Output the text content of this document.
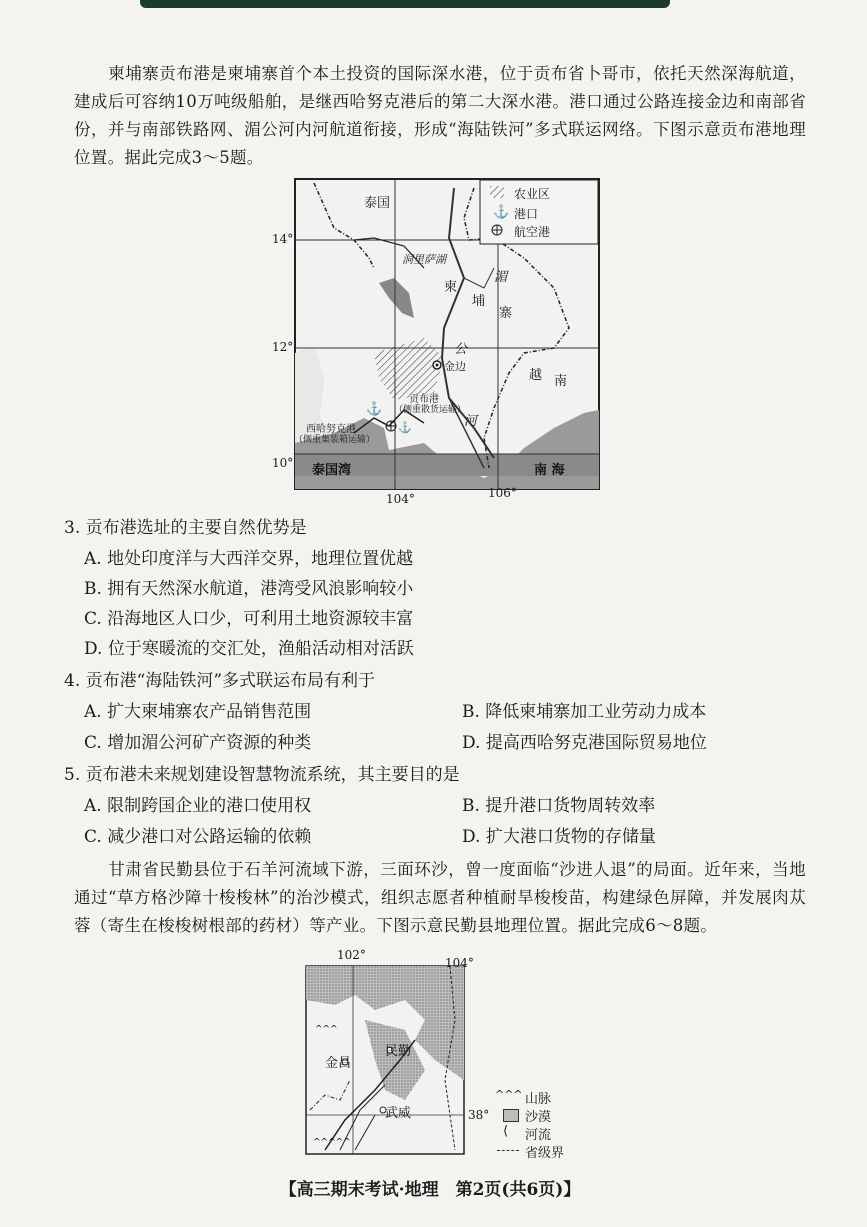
柬埔寨贡布港是柬埔寨首个本土投资的国际深水港，位于贡布省卜哥市，依托天然深海航道，建成后可容纳10万吨级船舶，是继西哈努克港后的第二大深水港。港口通过公路连接金边和南部省份，并与南部铁路网、湄公河内河航道衔接，形成“海陆铁河”多式联运网络。下图示意贡布港地理位置。据此完成3～5题。
⚓
⚓
⚓
农业区
港口
航空港
泰国
洞里萨湖
柬
埔
寨
湄
公
河
金边
越 南
贡布港
（侧重散货运输）
西哈努克港
（侧重集装箱运输）
泰国湾	南 海
14°
12°
10°
104°	106°
3. 贡布港选址的主要自然优势是
A. 地处印度洋与大西洋交界，地理位置优越
B. 拥有天然深水航道，港湾受风浪影响较小
C. 沿海地区人口少，可利用土地资源较丰富
D. 位于寒暖流的交汇处，渔船活动相对活跃
4. 贡布港“海陆铁河”多式联运布局有利于
A. 扩大柬埔寨农产品销售范围	B. 降低柬埔寨加工业劳动力成本
C. 增加湄公河矿产资源的种类	D. 提高西哈努克港国际贸易地位
5. 贡布港未来规划建设智慧物流系统，其主要目的是
A. 限制跨国企业的港口使用权	B. 提升港口货物周转效率
C. 减少港口对公路运输的依赖	D. 扩大港口货物的存储量
甘肃省民勤县位于石羊河流域下游，三面环沙，曾一度面临“沙进人退”的局面。近年来，当地通过“草方格沙障十梭梭林”的治沙模式，组织志愿者种植耐旱梭梭苗，构建绿色屏障，并发展肉苁蓉（寄生在梭梭树根部的药材）等产业。下图示意民勤县地理位置。据此完成6～8题。
^^^^^
^^^
102°
104°
38°
金昌
民勤
武威
^^^ 山脉
沙漠
⟨ 河流
省级界
【高三期末考试·地理　第2页(共6页)】
